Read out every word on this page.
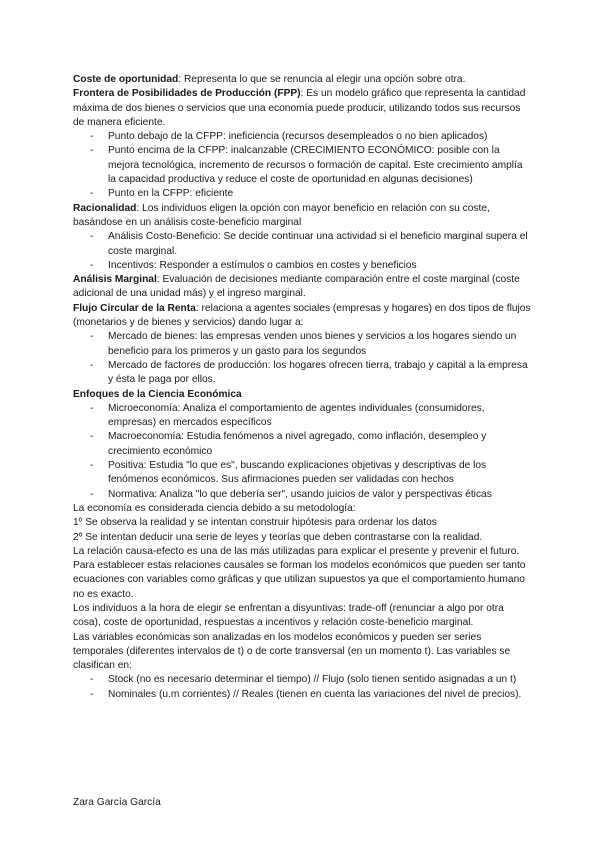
Coste de oportunidad: Representa lo que se renuncia al elegir una opción sobre otra.

Frontera de Posibilidades de Producción (FPP): Es un modelo gráfico que representa la cantidad máxima de dos bienes o servicios que una economía puede producir, utilizando todos sus recursos de manera eficiente.

- Punto debajo de la CFPP: ineficiencia (recursos desempleados o no bien aplicados)
- Punto encima de la CFPP: inalcanzable (CRECIMIENTO ECONÓMICO: posible con la mejora tecnológica, incremento de recursos o formación de capital. Este crecimiento amplía la capacidad productiva y reduce el coste de oportunidad en algunas decisiones)
- Punto en la CFPP: eficiente

Racionalidad: Los individuos eligen la opción con mayor beneficio en relación con su coste, basándose en un análisis coste-beneficio marginal

- Análisis Costo-Beneficio: Se decide continuar una actividad si el beneficio marginal supera el coste marginal.
- Incentivos: Responder a estímulos o cambios en costes y beneficios

Análisis Marginal: Evaluación de decisiones mediante comparación entre el coste marginal (coste adicional de una unidad más) y el ingreso marginal.

Flujo Circular de la Renta: relaciona a agentes sociales (empresas y hogares) en dos tipos de flujos (monetarios y de bienes y servicios) dando lugar a:

- Mercado de bienes: las empresas venden unos bienes y servicios a los hogares siendo un beneficio para los primeros y un gasto para los segundos
- Mercado de factores de producción: los hogares ofrecen tierra, trabajo y capital a la empresa y ésta le paga por ellos.

Enfoques de la Ciencia Económica

- Microeconomía: Analiza el comportamiento de agentes individuales (consumidores, empresas) en mercados específicos
- Macroeconomía: Estudia fenómenos a nivel agregado, como inflación, desempleo y crecimiento económico
- Positiva: Estudia "lo que es", buscando explicaciones objetivas y descriptivas de los fenómenos económicos. Sus afirmaciones pueden ser validadas con hechos
- Normativa: Analiza "lo que debería ser", usando juicios de valor y perspectivas éticas

La economía es considerada ciencia debido a su metodología:

1º Se observa la realidad y se intentan construir hipótesis para ordenar los datos

2º Se intentan deducir una serie de leyes y teorías que deben contrastarse con la realidad.

La relación causa-efecto es una de las más utilizadas para explicar el presente y prevenir el futuro. Para establecer estas relaciones causales se forman los modelos económicos que pueden ser tanto ecuaciones con variables como gráficas y que utilizan supuestos ya que el comportamiento humano no es exacto.

Los individuos a la hora de elegir se enfrentan a disyuntivas: trade-off (renunciar a algo por otra cosa), coste de oportunidad, respuestas a incentivos y relación coste-beneficio marginal.

Las variables económicas son analizadas en los modelos económicos y pueden ser series temporales (diferentes intervalos de t) o de corte transversal (en un momento t). Las variables se clasifican en:

- Stock (no es necesario determinar el tiempo) // Flujo (solo tienen sentido asignadas a un t)
- Nominales (u.m corrientes) // Reales (tienen en cuenta las variaciones del nivel de precios).
Zara García García
